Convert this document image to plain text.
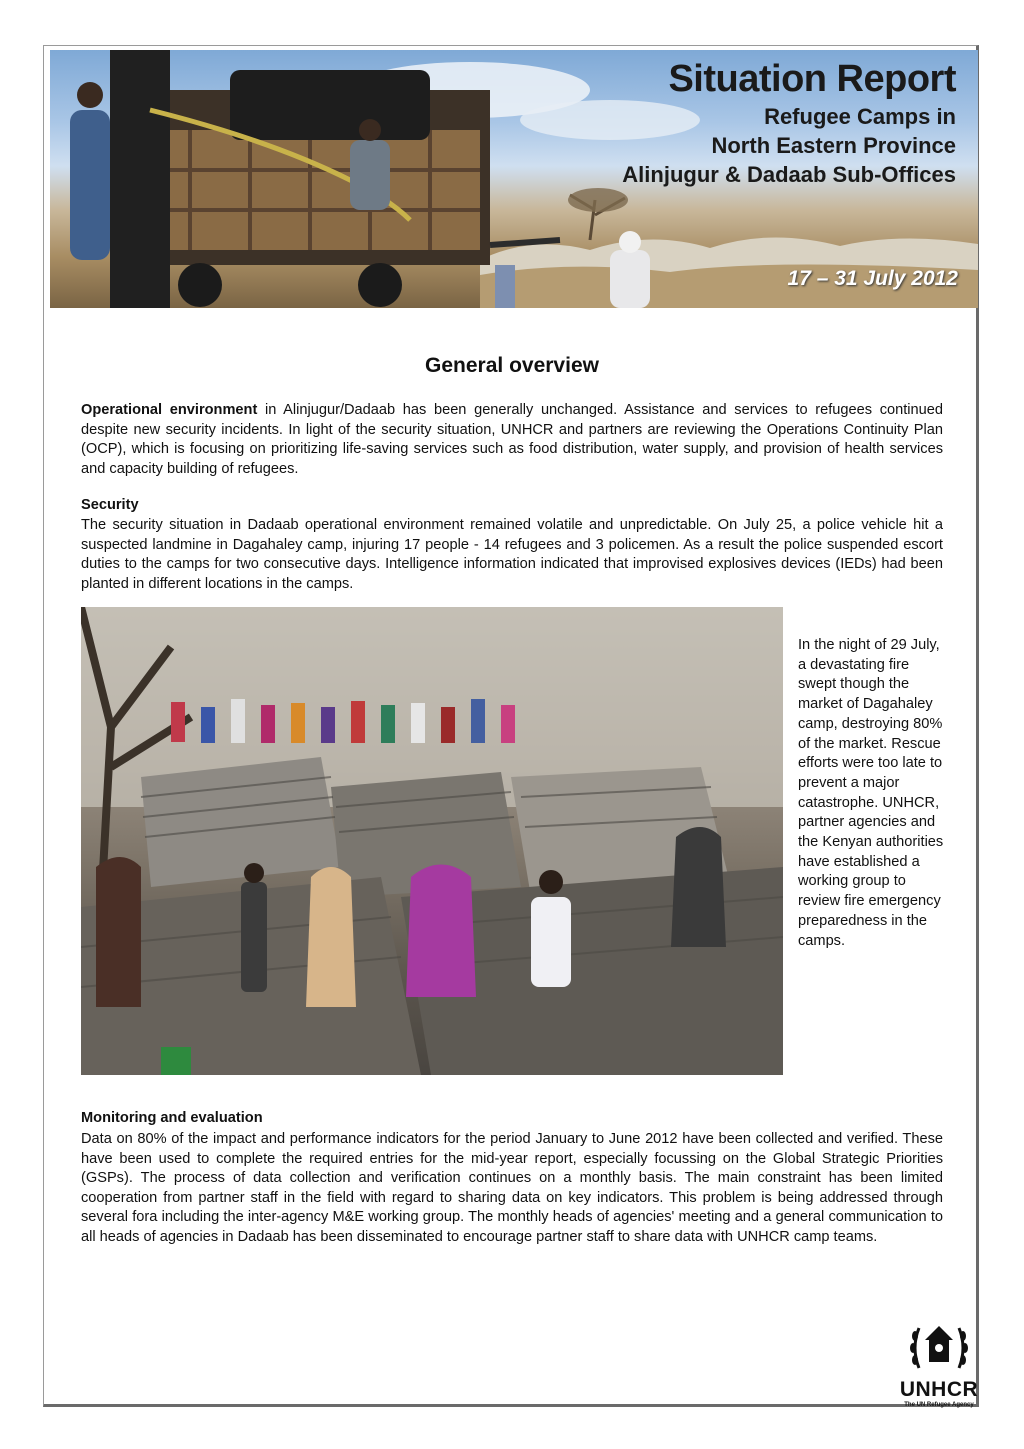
Situation Report
Refugee Camps in
North Eastern Province
Alinjugur & Dadaab Sub-Offices
17 – 31 July 2012
General overview
Operational environment in Alinjugur/Dadaab has been generally unchanged. Assistance and services to refugees continued despite new security incidents. In light of the security situation, UNHCR and partners are reviewing the Operations Continuity Plan (OCP), which is focusing on prioritizing life-saving services such as food distribution, water supply, and provision of health services and capacity building of refugees.
Security
The security situation in Dadaab operational environment remained volatile and unpredictable. On July 25, a police vehicle hit a suspected landmine in Dagahaley camp, injuring 17 people - 14 refugees and 3 policemen. As a result the police suspended escort duties to the camps for two consecutive days. Intelligence information indicated that improvised explosives devices (IEDs) had been planted in different locations in the camps.
In the night of 29 July, a devastating fire swept though the market of Dagahaley camp, destroying 80% of the market. Rescue efforts were too late to prevent a major catastrophe. UNHCR, partner agencies and the Kenyan authorities have established a working group to review fire emergency preparedness in the camps.
Monitoring and evaluation
Data on 80% of the impact and performance indicators for the period January to June 2012 have been collected and verified. These have been used to complete the required entries for the mid-year report, especially focussing on the Global Strategic Priorities (GSPs). The process of data collection and verification continues on a monthly basis. The main constraint has been limited cooperation from partner staff in the field with regard to sharing data on key indicators. This problem is being addressed through several fora including the inter-agency M&E working group. The monthly heads of agencies' meeting and a general communication to all heads of agencies in Dadaab has been disseminated to encourage partner staff to share data with UNHCR camp teams.
UNHCR
The UN Refugee Agency
